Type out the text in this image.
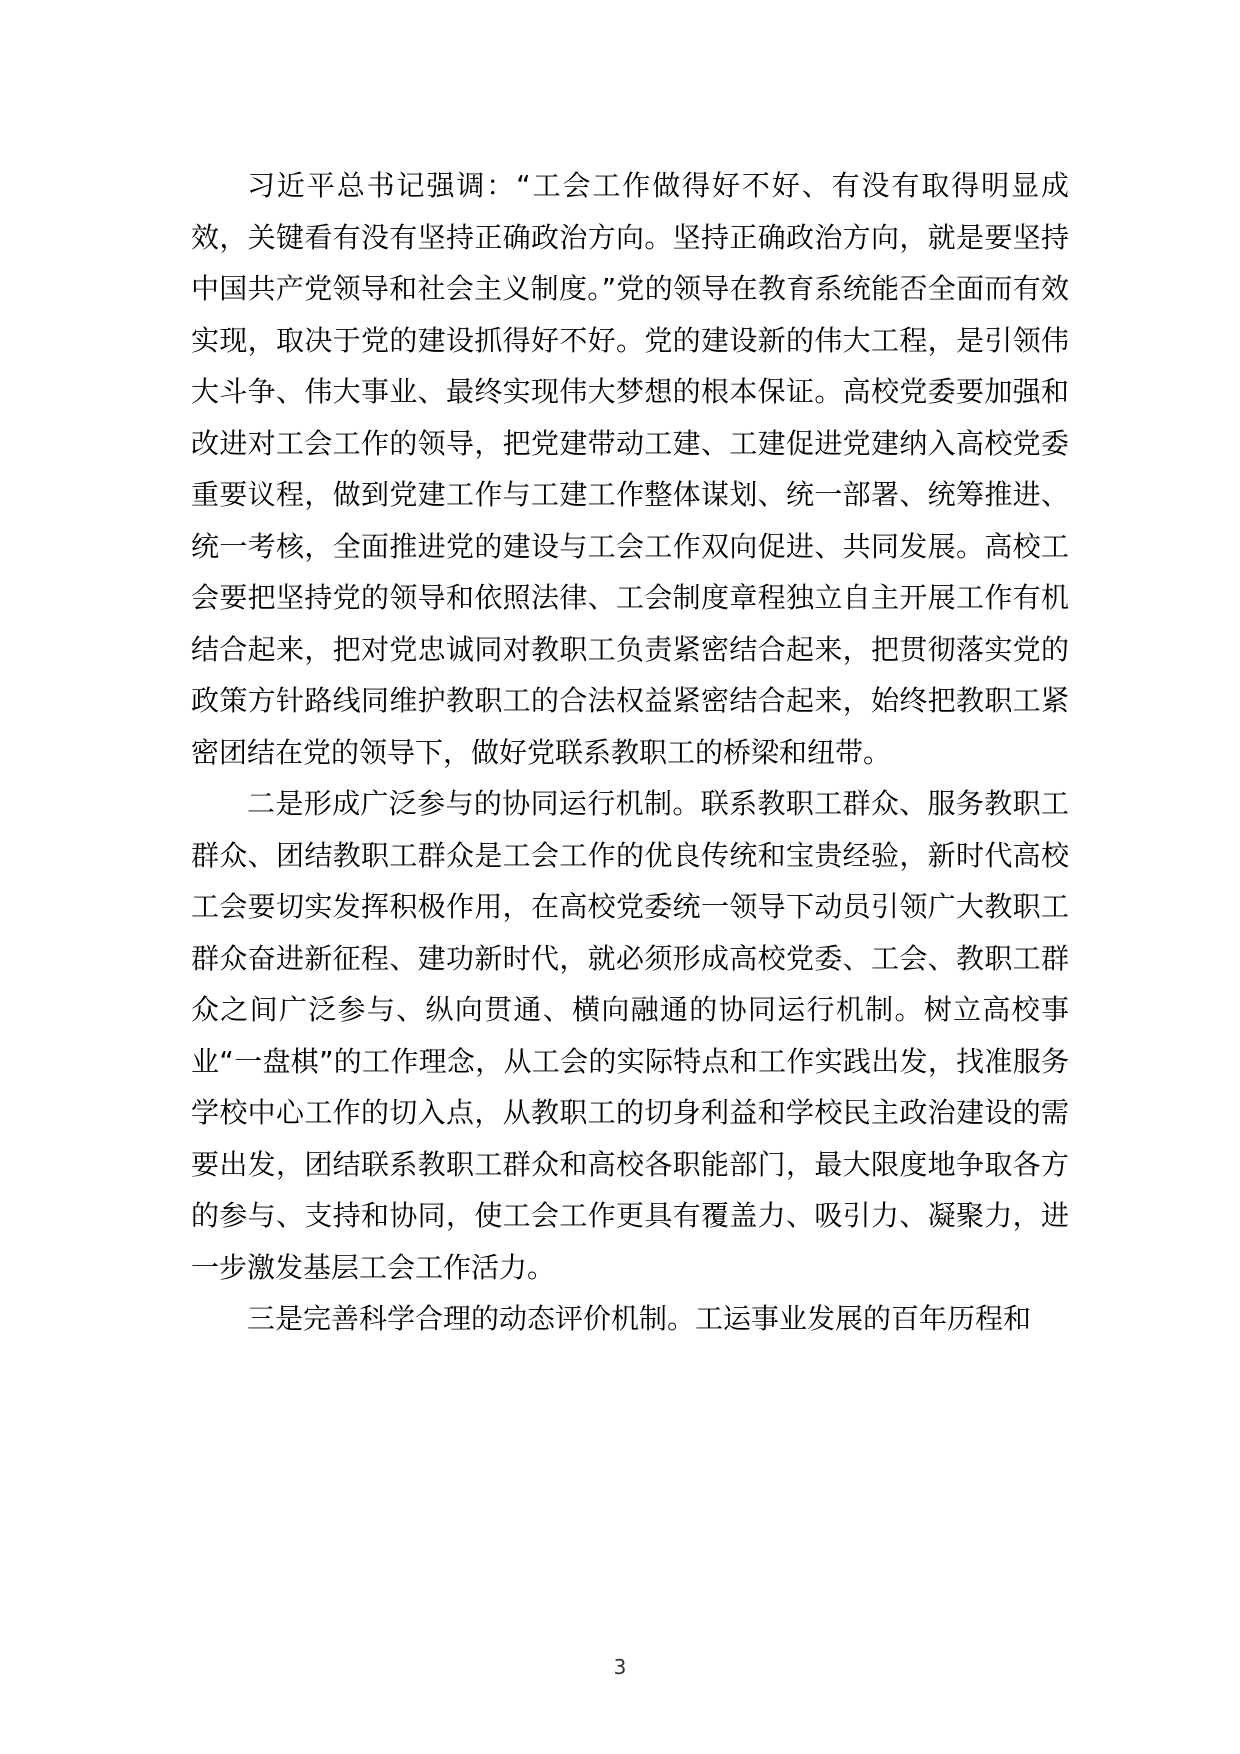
习近平总书记强调：“工会工作做得好不好、有没有取得明显成效，关键看有没有坚持正确政治方向。坚持正确政治方向，就是要坚持中国共产党领导和社会主义制度。”党的领导在教育系统能否全面而有效实现，取决于党的建设抓得好不好。党的建设新的伟大工程，是引领伟大斗争、伟大事业、最终实现伟大梦想的根本保证。高校党委要加强和改进对工会工作的领导，把党建带动工建、工建促进党建纳入高校党委重要议程，做到党建工作与工建工作整体谋划、统一部署、统筹推进、统一考核，全面推进党的建设与工会工作双向促进、共同发展。高校工会要把坚持党的领导和依照法律、工会制度章程独立自主开展工作有机结合起来，把对党忠诚同对教职工负责紧密结合起来，把贯彻落实党的政策方针路线同维护教职工的合法权益紧密结合起来，始终把教职工紧密团结在党的领导下，做好党联系教职工的桥梁和纽带。

二是形成广泛参与的协同运行机制。联系教职工群众、服务教职工群众、团结教职工群众是工会工作的优良传统和宝贵经验，新时代高校工会要切实发挥积极作用，在高校党委统一领导下动员引领广大教职工群众奋进新征程、建功新时代，就必须形成高校党委、工会、教职工群众之间广泛参与、纵向贯通、横向融通的协同运行机制。树立高校事业“一盘棋”的工作理念，从工会的实际特点和工作实践出发，找准服务学校中心工作的切入点，从教职工的切身利益和学校民主政治建设的需要出发，团结联系教职工群众和高校各职能部门，最大限度地争取各方的参与、支持和协同，使工会工作更具有覆盖力、吸引力、凝聚力，进一步激发基层工会工作活力。

三是完善科学合理的动态评价机制。工运事业发展的百年历程和

3
